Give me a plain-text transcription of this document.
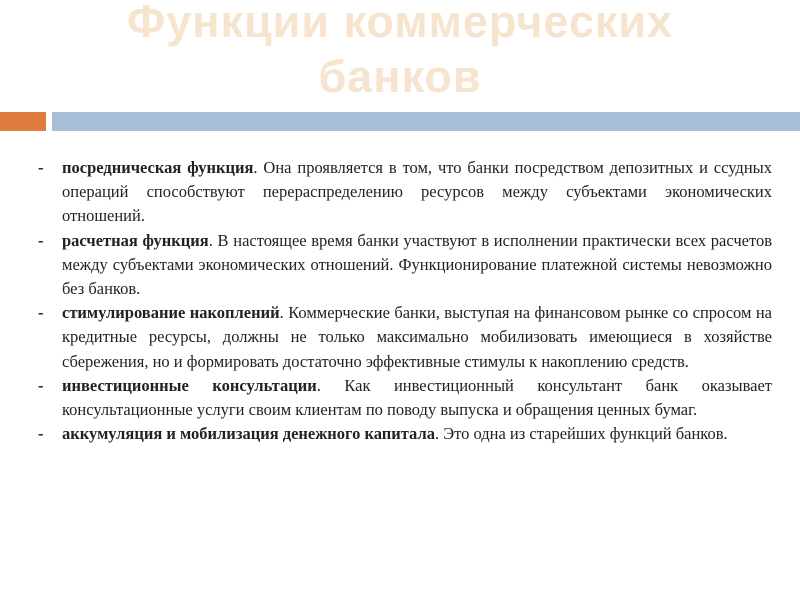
Функции коммерческих банков
- посредническая функция. Она проявляется в том, что банки посредством депозитных и ссудных операций способствуют перераспределению ресурсов между субъектами экономических отношений.
- расчетная функция. В настоящее время банки участвуют в исполнении практически всех расчетов между субъектами экономических отношений. Функционирование платежной системы невозможно без банков.
- стимулирование накоплений. Коммерческие банки, выступая на финансовом рынке со спросом на кредитные ресурсы, должны не только максимально мобилизовать имеющиеся в хозяйстве сбережения, но и формировать достаточно эффективные стимулы к накоплению средств.
- инвестиционные консультации. Как инвестиционный консультант банк оказывает консультационные услуги своим клиентам по поводу выпуска и обращения ценных бумаг.
- аккумуляция и мобилизация денежного капитала. Это одна из старейших функций банков.
